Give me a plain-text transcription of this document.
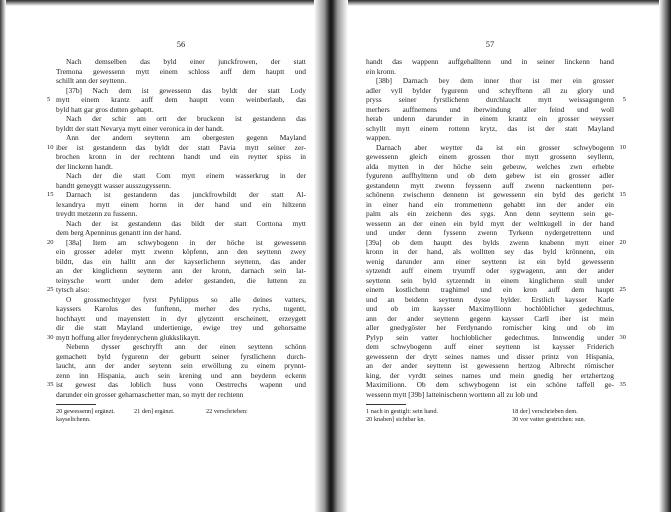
56
Nach demselben das byld einer junckfrowen, der statt
Tremona gewessenn mytt einem schloss auff dem hauptt und
schillt ann der seyttenn.
[37b] Nach dem ist gewessenn das byldt der statt Lody
mytt einem krantz auff dem hauptt vonn weinberlaub, das
5
byld hatt gar gros dutten gehaptt.
Nach der schir am ortt der bruckenn ist gestandenn das
byldtt der statt Nevarya mytt einer veronica in der handt.
Ann der andern seyttenn am obergesten gegenn Mayland
iber ist gestandenn das byldt der statt Pavia mytt seiner zer-
10
brochen kronn in der rechtenn handt und ein reytter spiss in
der linckenn handt.
Nach der die statt Com mytt einem wasserkrug in der
handtt geneygtt wasser ausszugyssenn.
Darnach ist gestandenn das junckfrowbildt der statt Al-
15
lexandrya mytt einem hornn in der hand und ein hiltzenn
treydtt metzenn zu fussenn.
Nach der ist gestandenn das bildt der statt Corttona mytt
dem berg Apenninus genantt inn der hand.
[38a] Item am schwybogenn in der höche ist gewessenn
20
ein grosser adeler mytt zwenn köpfenn, ann den seyttenn zwey
bildtt, das ein halltt ann der kayserlichenn seyttenn, das ander
an der kinglichenn seyttenn ann der kronn, darnach sein lat-
teinysche wortt under dem adeler gestanden, die luttenn zu
tytsch also:
25
O grossmechtyger fyrst Pyhlippus so alle deines vatters,
kayssers Karolus des funftenn, merher des rychs, tugentt,
hochhaytt und mayenstett in dyr glytzentt erscheinett, erzeygett
dir die statt Mayland undertienige, ewige trey und gehorsame
mytt hoffung aller freydenrychenn glukkslikaytt.
30
Nebenn dysser geschryfft ann der einen seyttenn schönn
gemachett byld fygurenn der geburtt seiner fyrstlichenn durch-
laucht, ann der ander seytenn sein erwöllung zu einem prynnt-
zenn inn Hispania, auch sein krening und ann beydenn eckenn
ist gewest das loblich huss vonn Oestrrechs wapenn und
35
darunder ein grosser geharnaschetter man, so mytt der rechtenn
20 gewessenn] ergänzt.	21 den] ergänzt.	22 verschrieben:
kayselichenn.
57
handt das wappenn auffgehalltenn und in seiner linckenn hand
ein kronn.
[38b] Darnach bey dem inner thor ist mer ein grosser
adler vyll bylder fygurenn und schryfftenn all zu glory und
pryss seiner fyrstlichenn durchlaucht mytt weissagungenn 5
merhers auffnemens und iberwindung aller feind und woll
herab undenn darunder in einem krantz ein grosser weysser
schyllt mytt einem rottenn krytz, das ist der statt Mayland
wappen.
Darnach aber weytter da ist ein grosser schwybogenn 10
gewessenn gleich einem grossen thor mytt grossenn seyllenn,
alda mytten in der höche sein gebeuw, welches zwn erhebte
fygurenn auffhylttenn und ob dem gebew ist ein grosser adler
gestandenn mytt zwenn feyssenn auff zwenn nackenttenn per-
schönenn zwischenn dennenn ist gewessenn ein byld des gericht 15
in einer hand ein trommettenn gehabtt inn der ander ein
palm als ein zeichenn des sygs. Ann denn seyttenn sein ge-
wessenn an der einen ein byld mytt der welttkugell in der hand
und under denn fyssenn zwenn Tyrkenn nydergetrettenn und
[39a] ob dem hauptt des bylds zwenn knabenn mytt einer 20
kronn in der hand, als wolltten sey das byld krönnenn, ein
wenig darunder ann einer seyttenn ist ein byld gewessenn
sytzendt auff einem tryumff oder sygwagenn, ann der ander
seyttenn sein byld sytzenndt in einem kinglichenn stull under
einem kostlichenn traghimel und ein kron auff dem hauptt 25
und an beidenn seyttenn dysse bylder. Erstlich kaysser Karle
und ob im kaysser Maximyllionn hochlöblicher gedechtnus,
ann der ander seyttenn gegenn kaysser Carll iber ist mein
aller gnedygöster her Ferdynando romischer king und ob im
Pylyp sein vatter hochloblicher gedechtnus. Innwendig under 30
dem schwybogenn auff einer seyttenn ist kaysser Friderich
gewessenn der drytt seines names und disser printz von Hispania,
an der ander seyttenn ist gewessenn hertzog Albrecht römischer
king, der vyrdtt seines names und mein gnedig her ertzhertzog
Maximilionn. Ob dem schwybogenn ist ein schöne taffell ge- 35
wessenn mytt [39b] latteinischenn worttenn all zu lob und
1 nach in gestiglt: sein hand.	18 der] verschrieben dem.
20 knaben] sichtbar kn.	30 vor vatter gestrichen: sun.
